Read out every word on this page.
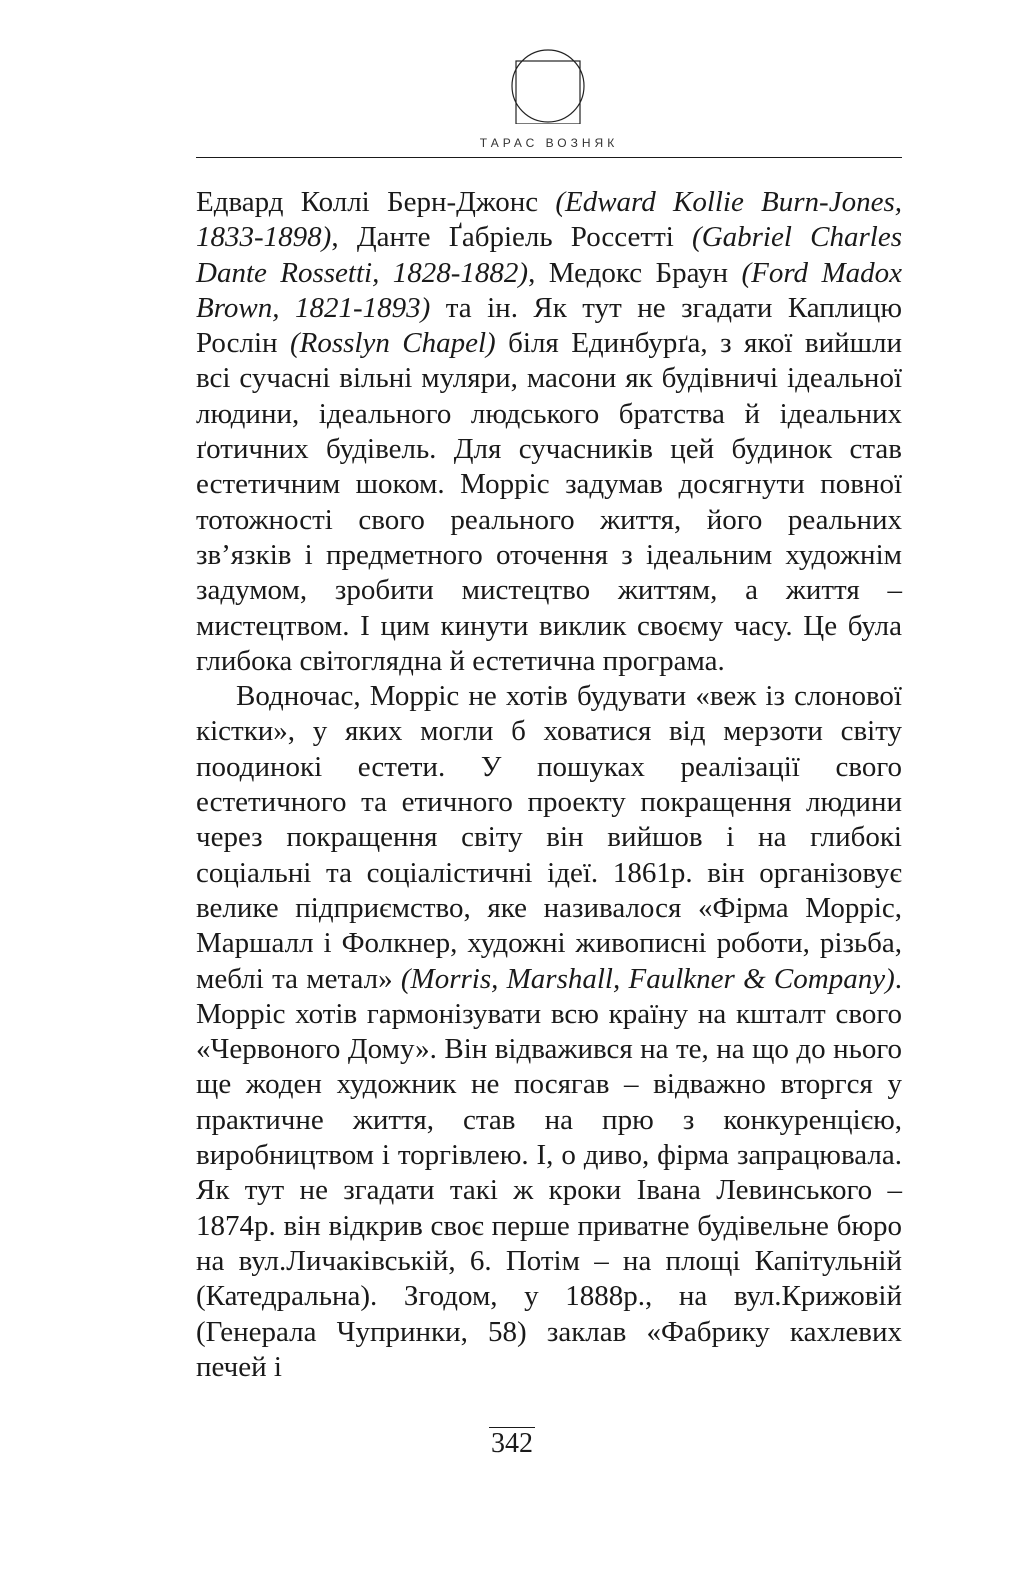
ТАРАС ВОЗНЯК

Едвард Коллі Берн-Джонс (Edward Kollie Burn-Jones, 1833-1898), Данте Ґабріель Россетті (Gabriel Charles Dante Rossetti, 1828-1882), Медокс Браун (Ford Madox Brown, 1821-1893) та ін. Як тут не згадати Каплицю Рослін (Rosslyn Chapel) біля Единбурґа, з якої вийшли всі сучасні вільні муляри, масони як будівничі ідеальної людини, ідеального людського братства й ідеальних ґотичних будівель. Для сучасників цей будинок став естетичним шоком. Морріс задумав досягнути повної тотожності свого реального життя, його реальних зв’язків і предметного оточення з ідеальним художнім задумом, зробити мистецтво життям, а життя – мистецтвом. І цим кинути виклик своєму часу. Це була глибока світоглядна й естетична програма.

Водночас, Морріс не хотів будувати «веж із слонової кістки», у яких могли б ховатися від мерзоти світу поодинокі естети. У пошуках реалізації свого естетичного та етичного проекту покращення людини через покращення світу він вийшов і на глибокі соціальні та соціалістичні ідеї. 1861р. він організовує велике підприємство, яке називалося «Фірма Морріс, Маршалл і Фолкнер, художні живописні роботи, різьба, меблі та метал» (Morris, Marshall, Faulkner & Company). Морріс хотів гармонізувати всю країну на кшталт свого «Червоного Дому». Він відважився на те, на що до нього ще жоден художник не посягав – відважно вторгся у практичне життя, став на прю з конкуренцією, виробництвом і торгівлею. І, о диво, фірма запрацювала. Як тут не згадати такі ж кроки Івана Левинського – 1874р. він відкрив своє перше приватне будівельне бюро на вул.Личаківській, 6. Потім – на площі Капітульній (Катедральна). Згодом, у 1888р., на вул.Крижовій (Генерала Чупринки, 58) заклав «Фабрику кахлевих печей і

342
